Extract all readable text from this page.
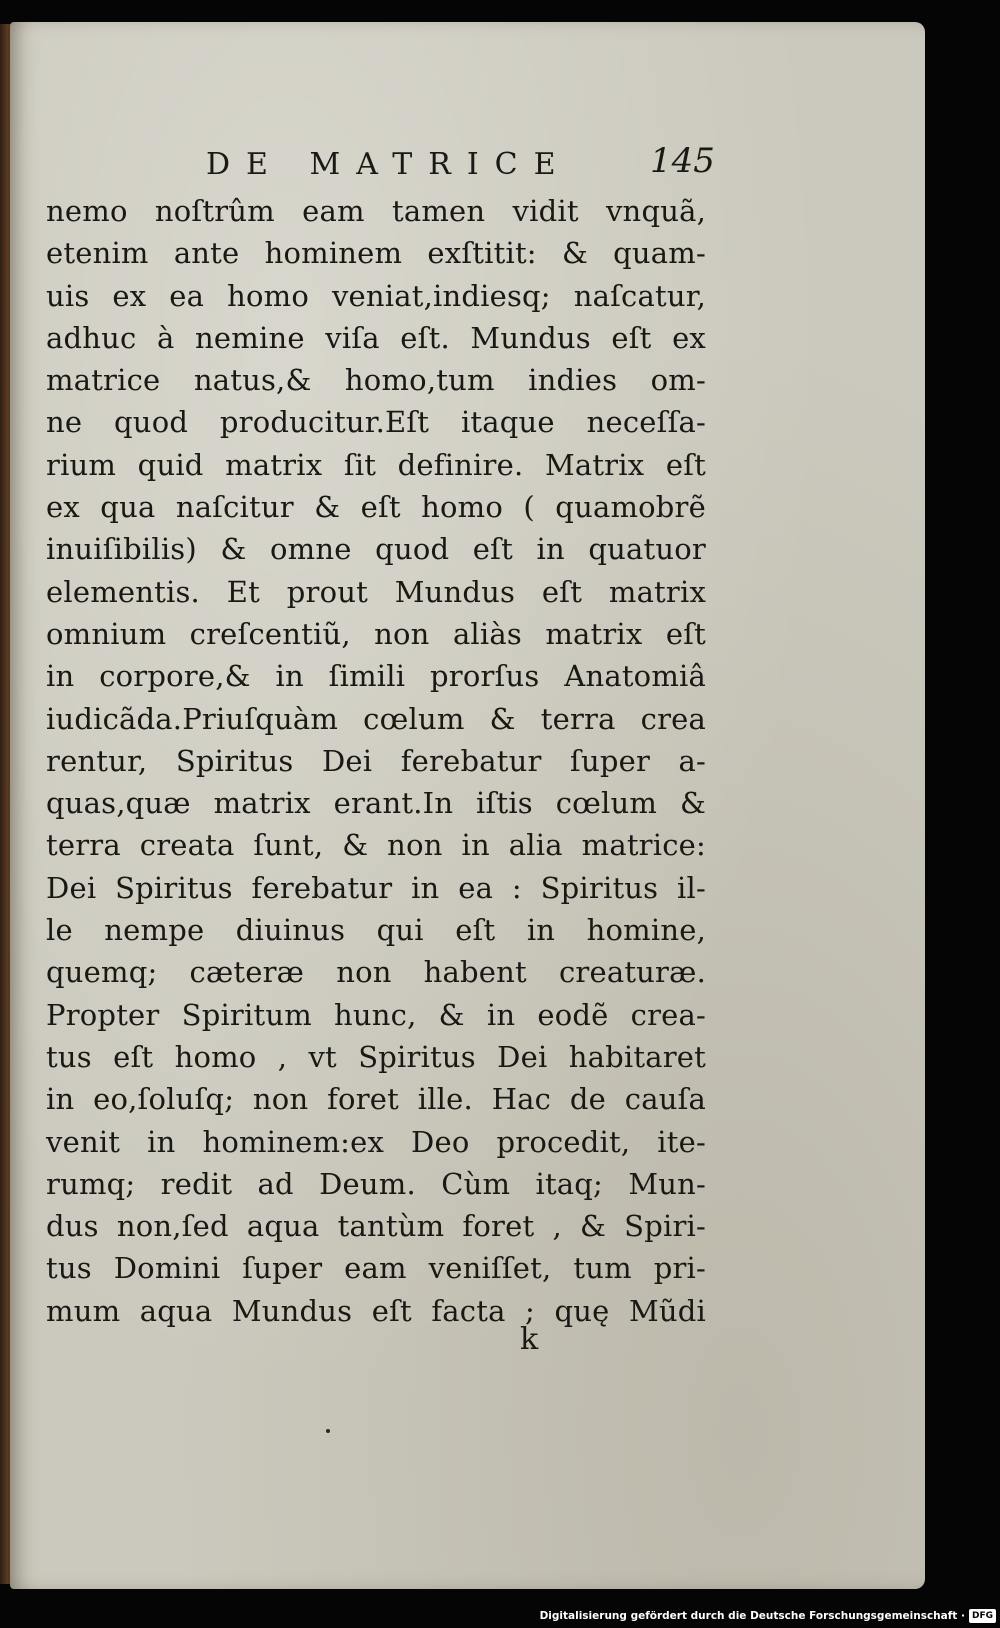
DE MATRICE 145
nemo noſtrûm eam tamen vidit vnquã,
etenim ante hominem exſtitit: & quam-
uis ex ea homo veniat,indiesq; naſcatur,
adhuc à nemine viſa eſt. Mundus eſt ex
matrice natus,& homo,tum indies om-
ne quod producitur.Eſt itaque neceſſa-
rium quid matrix ſit definire. Matrix eſt
ex qua naſcitur & eſt homo ( quamobrẽ
inuiſibilis) & omne quod eſt in quatuor
elementis. Et prout Mundus eſt matrix
omnium creſcentiũ, non aliàs matrix eſt
in corpore,& in ſimili prorſus Anatomiâ
iudicãda.Priuſquàm cœlum & terra crea
rentur, Spiritus Dei ferebatur ſuper a-
quas,quæ matrix erant.In iſtis cœlum &
terra creata ſunt, & non in alia matrice:
Dei Spiritus ferebatur in ea : Spiritus il-
le nempe diuinus qui eſt in homine,
quemq; cæteræ non habent creaturæ.
Propter Spiritum hunc, & in eodẽ crea-
tus eſt homo , vt Spiritus Dei habitaret
in eo,ſoluſq; non foret ille. Hac de cauſa
venit in hominem:ex Deo procedit, ite-
rumq; redit ad Deum. Cùm itaq; Mun-
dus non,ſed aqua tantùm foret , & Spiri-
tus Domini ſuper eam veniſſet, tum pri-
mum aqua Mundus eſt facta ; quę Mũdi
k
Digitalisierung gefördert durch die Deutsche Forschungsgemeinschaft · DFG
